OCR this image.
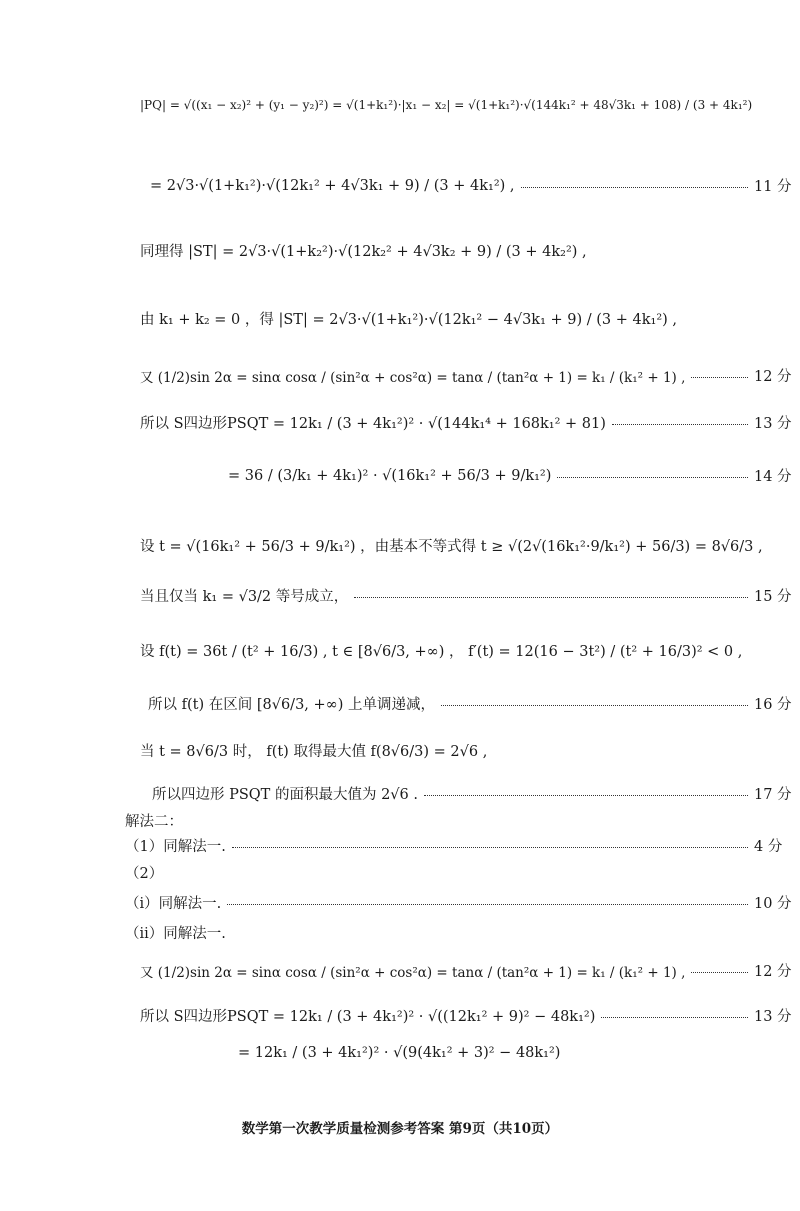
|PQ| = √((x₁ − x₂)² + (y₁ − y₂)²) = √(1+k₁²)·|x₁ − x₂| = √(1+k₁²)·√(144k₁² + 48√3k₁ + 108) / (3 + 4k₁²)
= 2√3·√(1+k₁²)·√(12k₁² + 4√3k₁ + 9) / (3 + 4k₁²) ,	11 分
同理得 |ST| = 2√3·√(1+k₂²)·√(12k₂² + 4√3k₂ + 9) / (3 + 4k₂²) ,
由 k₁ + k₂ = 0 ，得 |ST| = 2√3·√(1+k₁²)·√(12k₁² − 4√3k₁ + 9) / (3 + 4k₁²) ,
又 (1/2)sin 2α = sinα cosα / (sin²α + cos²α) = tanα / (tan²α + 1) = k₁ / (k₁² + 1) ,	12 分
所以 S四边形PSQT = 12k₁ / (3 + 4k₁²)² · √(144k₁⁴ + 168k₁² + 81)	13 分
= 36 / (3/k₁ + 4k₁)² · √(16k₁² + 56/3 + 9/k₁²)	14 分
设 t = √(16k₁² + 56/3 + 9/k₁²) ，由基本不等式得 t ≥ √(2√(16k₁²·9/k₁²) + 56/3) = 8√6/3 ,
当且仅当 k₁ = √3/2 等号成立，	15 分
设 f(t) = 36t / (t² + 16/3) , t ∈ [8√6/3, +∞) ， f′(t) = 12(16 − 3t²) / (t² + 16/3)² < 0 ,
所以 f(t) 在区间 [8√6/3, +∞) 上单调递减，	16 分
当 t = 8√6/3 时， f(t) 取得最大值 f(8√6/3) = 2√6 ,
所以四边形 PSQT 的面积最大值为 2√6 .	17 分
解法二：
（1）同解法一.	4 分
（2）
（i）同解法一.	10 分
（ii）同解法一.
又 (1/2)sin 2α = sinα cosα / (sin²α + cos²α) = tanα / (tan²α + 1) = k₁ / (k₁² + 1) ,	12 分
所以 S四边形PSQT = 12k₁ / (3 + 4k₁²)² · √((12k₁² + 9)² − 48k₁²)	13 分
= 12k₁ / (3 + 4k₁²)² · √(9(4k₁² + 3)² − 48k₁²)
数学第一次教学质量检测参考答案 第9页（共10页）
